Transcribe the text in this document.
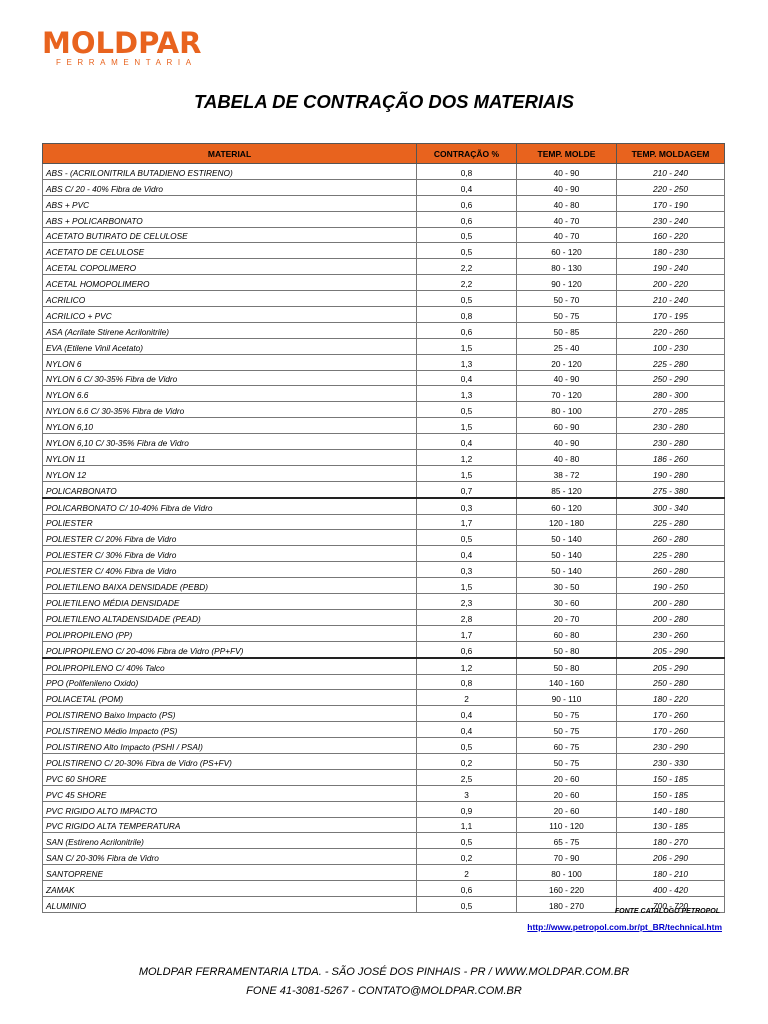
MOLDPAR
FERRAMENTARIA
TABELA DE CONTRAÇÃO DOS MATERIAIS
MATERIAL	CONTRAÇÃO %	TEMP. MOLDE	TEMP. MOLDAGEM
ABS - (ACRILONITRILA BUTADIENO ESTIRENO)	0,8	40 - 90	210 - 240
ABS C/ 20 - 40% Fibra de Vidro	0,4	40 - 90	220 - 250
ABS + PVC	0,6	40 - 80	170 - 190
ABS + POLICARBONATO	0,6	40 - 70	230 - 240
ACETATO BUTIRATO DE CELULOSE	0,5	40 - 70	160 - 220
ACETATO DE CELULOSE	0,5	60 - 120	180 - 230
ACETAL COPOLIMERO	2,2	80 - 130	190 - 240
ACETAL HOMOPOLIMERO	2,2	90 - 120	200 - 220
ACRILICO	0,5	50 - 70	210 - 240
ACRILICO + PVC	0,8	50 - 75	170 - 195
ASA (Acrilate Stirene Acrilonitrile)	0,6	50 - 85	220 - 260
EVA (Etilene Vinil Acetato)	1,5	25 - 40	100 - 230
NYLON 6	1,3	20 - 120	225 - 280
NYLON 6 C/ 30-35% Fibra de Vidro	0,4	40 - 90	250 - 290
NYLON 6.6	1,3	70 - 120	280 - 300
NYLON 6.6 C/ 30-35% Fibra de Vidro	0,5	80 - 100	270 - 285
NYLON 6,10	1,5	60 - 90	230 - 280
NYLON 6,10 C/ 30-35% Fibra de Vidro	0,4	40 - 90	230 - 280
NYLON 11	1,2	40 - 80	186 - 260
NYLON 12	1,5	38 - 72	190 - 280
POLICARBONATO	0,7	85 - 120	275 - 380
POLICARBONATO C/ 10-40% Fibra de Vidro	0,3	60 - 120	300 - 340
POLIESTER	1,7	120 - 180	225 - 280
POLIESTER C/ 20% Fibra de Vidro	0,5	50 - 140	260 - 280
POLIESTER C/ 30% Fibra de Vidro	0,4	50 - 140	225 - 280
POLIESTER C/ 40% Fibra de Vidro	0,3	50 - 140	260 - 280
POLIETILENO BAIXA DENSIDADE (PEBD)	1,5	30 - 50	190 - 250
POLIETILENO MÉDIA DENSIDADE	2,3	30 - 60	200 - 280
POLIETILENO ALTADENSIDADE (PEAD)	2,8	20 - 70	200 - 280
POLIPROPILENO (PP)	1,7	60 - 80	230 - 260
POLIPROPILENO C/ 20-40% Fibra de Vidro (PP+FV)	0,6	50 - 80	205 - 290
POLIPROPILENO C/ 40% Talco	1,2	50 - 80	205 - 290
PPO (Polifenileno Oxido)	0,8	140 - 160	250 - 280
POLIACETAL (POM)	2	90 - 110	180 - 220
POLISTIRENO Baixo Impacto (PS)	0,4	50 - 75	170 - 260
POLISTIRENO Médio Impacto (PS)	0,4	50 - 75	170 - 260
POLISTIRENO Alto Impacto (PSHI / PSAI)	0,5	60 - 75	230 - 290
POLISTIRENO C/ 20-30% Fibra de Vidro (PS+FV)	0,2	50 - 75	230 - 330
PVC 60 SHORE	2,5	20 - 60	150 - 185
PVC 45 SHORE	3	20 - 60	150 - 185
PVC RIGIDO ALTO IMPACTO	0,9	20 - 60	140 - 180
PVC RIGIDO ALTA TEMPERATURA	1,1	110 - 120	130 - 185
SAN (Estireno Acrilonitrile)	0,5	65 - 75	180 - 270
SAN C/ 20-30% Fibra de Vidro	0,2	70 - 90	206 - 290
SANTOPRENE	2	80 - 100	180 - 210
ZAMAK	0,6	160 - 220	400 - 420
ALUMINIO	0,5	180 - 270	700 - 720
FONTE CATALOGO PETROPOL
http://www.petropol.com.br/pt_BR/technical.htm
MOLDPAR FERRAMENTARIA LTDA. - SÃO JOSÉ DOS PINHAIS - PR / WWW.MOLDPAR.COM.BR
FONE 41-3081-5267 - CONTATO@MOLDPAR.COM.BR
